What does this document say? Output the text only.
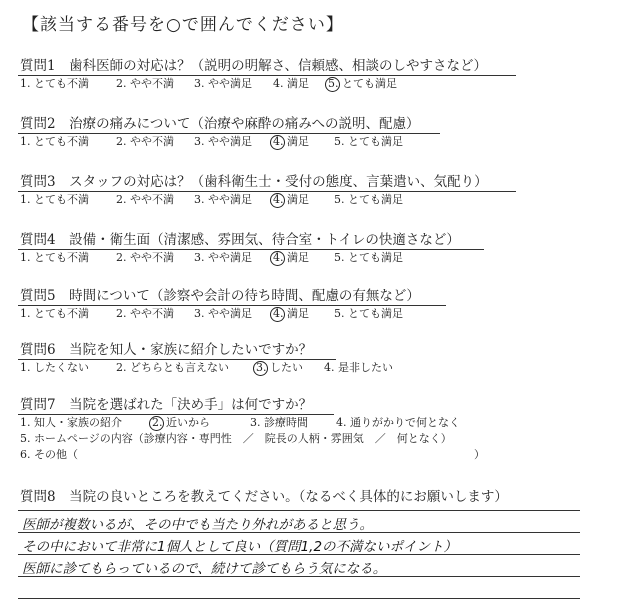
【該当する番号を○で囲んでください】
質問1　歯科医師の対応は？（説明の明解さ、信頼感、相談のしやすさなど）
1. とても不満 2. やや不満 3. やや満足 4. 満足 5. とても満足
質問2　治療の痛みについて（治療や麻酔の痛みへの説明、配慮）
1. とても不満 2. やや不満 3. やや満足 4. 満足 5. とても満足
質問3　スタッフの対応は？（歯科衛生士・受付の態度、言葉遣い、気配り）
1. とても不満 2. やや不満 3. やや満足 4. 満足 5. とても満足
質問4　設備・衛生面（清潔感、雰囲気、待合室・トイレの快適さなど）
1. とても不満 2. やや不満 3. やや満足 4. 満足 5. とても満足
質問5　時間について（診察や会計の待ち時間、配慮の有無など）
1. とても不満 2. やや不満 3. やや満足 4. 満足 5. とても満足
質問6　当院を知人・家族に紹介したいですか？
1. したくない 2. どちらとも言えない 3. したい 4. 是非したい
質問7　当院を選ばれた「決め手」は何ですか？
1. 知人・家族の紹介	2. 近いから	3. 診療時間	4. 通りがかりで何となく
5. ホームページの内容（診療内容・専門性　／　院長の人柄・雰囲気　／　何となく）
6. その他（	）
質問8　当院の良いところを教えてください。（なるべく具体的にお願いします）
医師が複数いるが、その中でも当たり外れがあると思う。
その中において非常に1個人として良い（質問1,2の不満ないポイント）
医師に診てもらっているので、続けて診てもらう気になる。
